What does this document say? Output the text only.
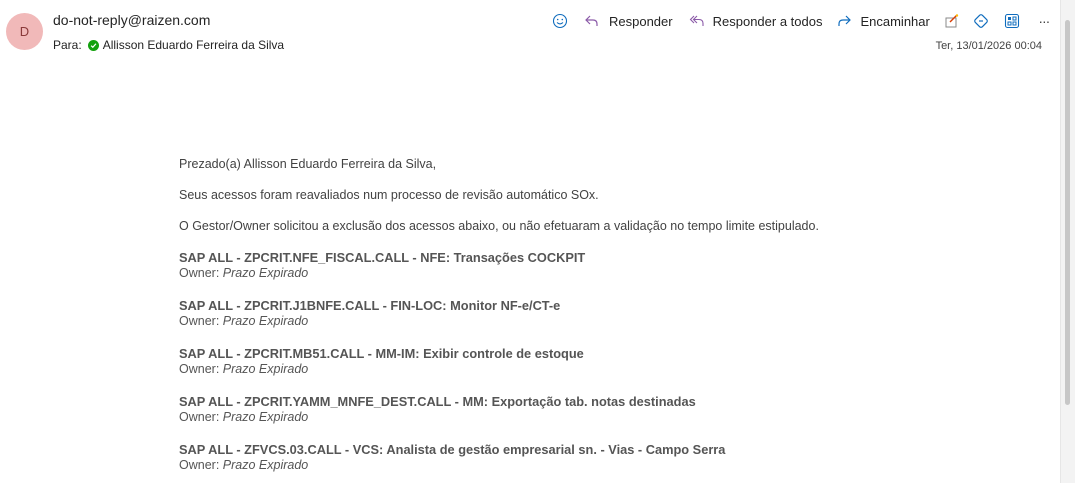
D
do-not-reply@raizen.com
Para: Allisson Eduardo Ferreira da Silva	Ter, 13/01/2026 00:04
Responder	Responder a todos	Encaminhar	···

Prezado(a) Allisson Eduardo Ferreira da Silva,

Seus acessos foram reavaliados num processo de revisão automático SOx.

O Gestor/Owner solicitou a exclusão dos acessos abaixo, ou não efetuaram a validação no tempo limite estipulado.

SAP ALL - ZPCRIT.NFE_FISCAL.CALL - NFE: Transações COCKPIT
Owner: Prazo Expirado
SAP ALL - ZPCRIT.J1BNFE.CALL - FIN-LOC: Monitor NF-e/CT-e
Owner: Prazo Expirado
SAP ALL - ZPCRIT.MB51.CALL - MM-IM: Exibir controle de estoque
Owner: Prazo Expirado
SAP ALL - ZPCRIT.YAMM_MNFE_DEST.CALL - MM: Exportação tab. notas destinadas
Owner: Prazo Expirado
SAP ALL - ZFVCS.03.CALL - VCS: Analista de gestão empresarial sn. - Vias - Campo Serra
Owner: Prazo Expirado
